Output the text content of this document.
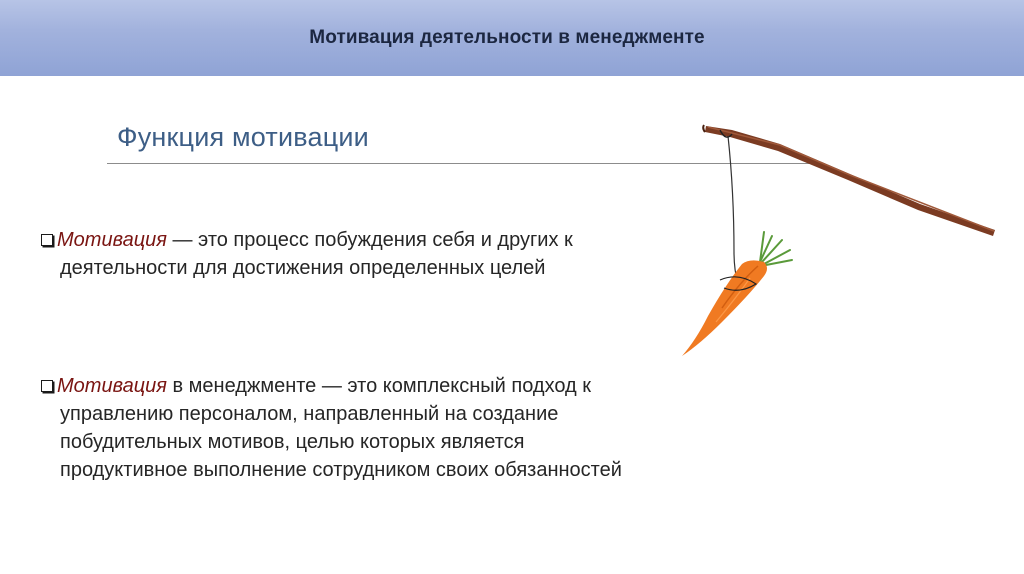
Мотивация деятельности в менеджменте
Функция мотивации
Мотивация — это процесс побуждения себя и других к
деятельности для достижения определенных целей
Мотивация в менеджменте — это комплексный подход к
управлению персоналом, направленный на создание
побудительных мотивов, целью которых является
продуктивное выполнение сотрудником своих обязанностей
